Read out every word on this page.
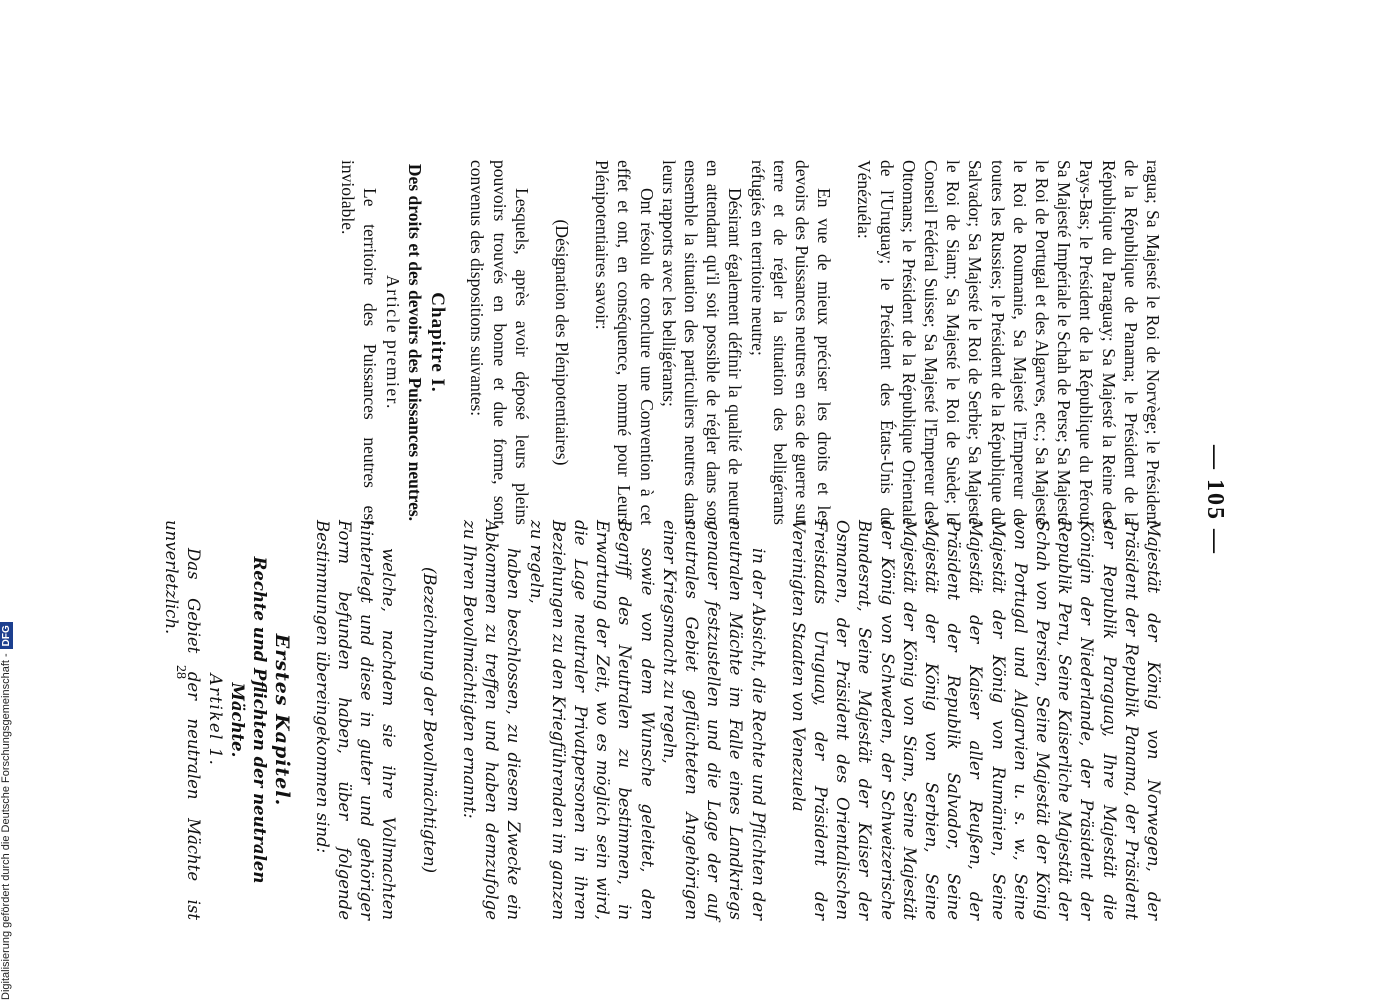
— 105 —

ragua; Sa Majesté le Roi de Norvège; le Président de la République de Panama; le Président de la République du Paraguay; Sa Majesté la Reine des Pays-Bas; le Président de la République du Pérou; Sa Majesté Impériale le Schah de Perse; Sa Majesté le Roi de Portugal et des Algarves, etc.; Sa Majesté le Roi de Roumanie, Sa Majesté l'Empereur de toutes les Russies; le Président de la République du Salvador; Sa Majesté le Roi de Serbie; Sa Majesté le Roi de Siam; Sa Majesté le Roi de Suède; le Conseil Fédéral Suisse; Sa Majesté l'Empereur des Ottomans; le Président de la République Orientale de l'Uruguay; le Président des États-Unis du Vénézuéla:

En vue de mieux préciser les droits et les devoirs des Puissances neutres en cas de guerre sur terre et de régler la situation des belligérants réfugiés en territoire neutre;

Désirant également définir la qualité de neutre en attendant qu'il soit possible de régler dans son ensemble la situation des particuliers neutres dans leurs rapports avec les belligérants;

Ont résolu de conclure une Convention à cet effet et ont, en conséquence, nommé pour Leurs Plénipotentiaires savoir:

(Désignation des Plénipotentiaires)

Lesquels, après avoir déposé leurs pleins pouvoirs trouvés en bonne et due forme, sont convenus des dispositions suivantes:

Chapitre I.

Des droits et des devoirs des Puissances neutres.

Article premier.

Le territoire des Puissances neutres est inviolable.

Majestät der König von Norwegen, der Präsident der Republik Panama, der Präsident der Republik Paraguay, Ihre Majestät die Königin der Niederlande, der Präsident der Republik Peru, Seine Kaiserliche Majestät der Schah von Persien, Seine Majestät der König von Portugal und Algarvien u. s. w., Seine Majestät der König von Rumänien, Seine Majestät der Kaiser aller Reußen, der Präsident der Republik Salvador, Seine Majestät der König von Serbien, Seine Majestät der König von Siam, Seine Majestät der König von Schweden, der Schweizerische Bundesrat, Seine Majestät der Kaiser der Osmanen, der Präsident des Orientalischen Freistaats Uruguay, der Präsident der Vereinigten Staaten von Venezuela

in der Absicht, die Rechte und Pflichten der neutralen Mächte im Falle eines Landkriegs genauer festzustellen und die Lage der auf neutrales Gebiet geflüchteten Angehörigen einer Kriegsmacht zu regeln,

sowie von dem Wunsche geleitet, den Begriff des Neutralen zu bestimmen, in Erwartung der Zeit, wo es möglich sein wird, die Lage neutraler Privatpersonen in ihren Beziehungen zu den Kriegführenden im ganzen zu regeln,

haben beschlossen, zu diesem Zwecke ein Abkommen zu treffen und haben demzufolge zu Ihren Bevollmächtigten ernannt:

(Bezeichnung der Bevollmächtigten)

welche, nachdem sie ihre Vollmachten hinterlegt und diese in guter und gehöriger Form befunden haben, über folgende Bestimmungen übereingekommen sind:

Erstes Kapitel.

Rechte und Pflichten der neutralen Mächte.

Artikel 1.

Das Gebiet der neutralen Mächte ist unverletzlich.

28
Digitalisierung gefördert durch die Deutsche Forschungsgemeinschaft -DFG
